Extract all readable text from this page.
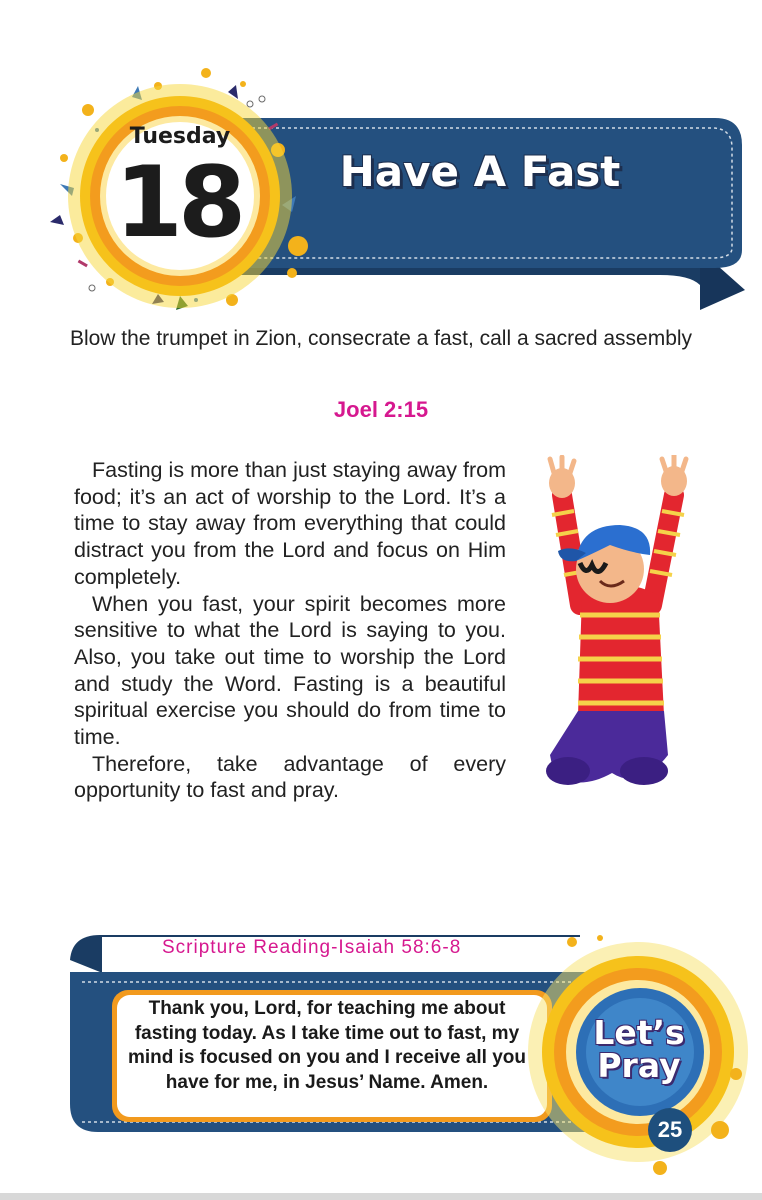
Tuesday
18	Have A Fast
Blow the trumpet in Zion, consecrate a fast, call a sacred assembly
Joel 2:15

Fasting is more than just staying away from food; it’s an act of worship to the Lord. It’s a time to stay away from everything that could distract you from the Lord and focus on Him completely.

When you fast, your spirit becomes more sensitive to what the Lord is saying to you. Also, you take out time to worship the Lord and study the Word. Fasting is a beautiful spiritual exercise you should do from time to time.

Therefore, take advantage of every opportunity to fast and pray.

Scripture Reading-Isaiah 58:6-8
Thank you, Lord, for teaching me about fasting today. As I take time out to fast, my mind is focused on you and I receive all you have for me, in Jesus’ Name. Amen.
Let’s Pray
25
